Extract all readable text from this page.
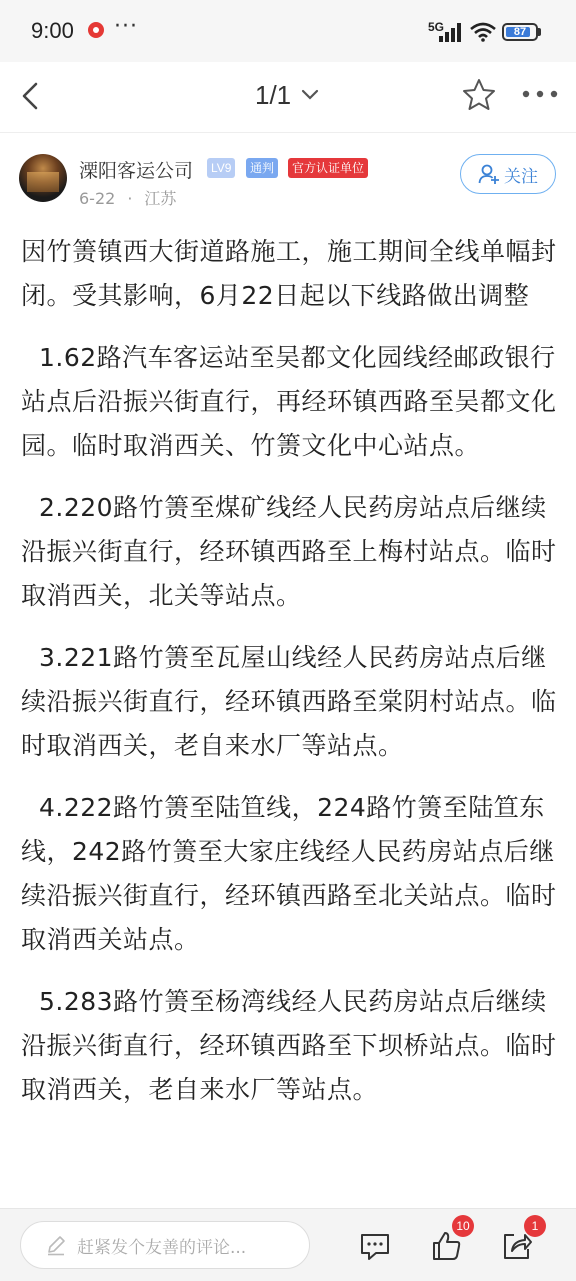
9:00 ···	5G	87
1/1
溧阳客运公司	LV9	通判	官方认证单位
6-22 · 江苏
关注

因竹箦镇西大街道路施工，施工期间全线单幅封闭。受其影响，6月22日起以下线路做出调整

1.62路汽车客运站至吴都文化园线经邮政银行站点后沿振兴街直行，再经环镇西路至吴都文化园。临时取消西关、竹箦文化中心站点。

2.220路竹箦至煤矿线经人民药房站点后继续沿振兴街直行，经环镇西路至上梅村站点。临时取消西关，北关等站点。

3.221路竹箦至瓦屋山线经人民药房站点后继续沿振兴街直行，经环镇西路至棠阴村站点。临时取消西关，老自来水厂等站点。

4.222路竹箦至陆笪线，224路竹箦至陆笪东线，242路竹箦至大家庄线经人民药房站点后继续沿振兴街直行，经环镇西路至北关站点。临时取消西关站点。

5.283路竹箦至杨湾线经人民药房站点后继续沿振兴街直行，经环镇西路至下坝桥站点。临时取消西关，老自来水厂等站点。

赶紧发个友善的评论...
10	1
